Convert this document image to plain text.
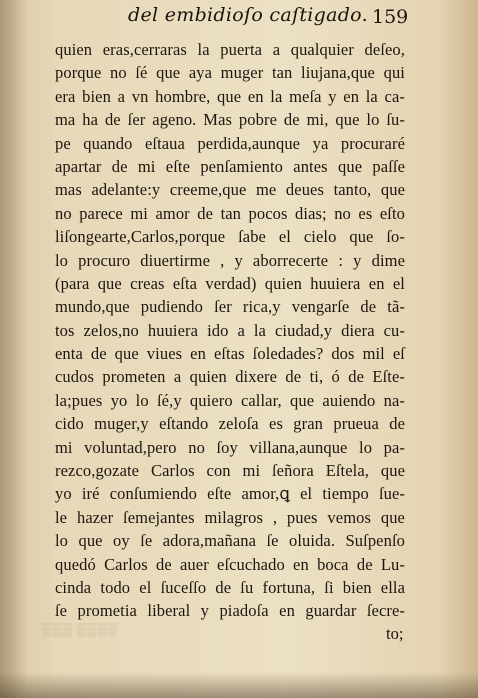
del embidioſo caſtigado. 159
quien eras,cerraras la puerta a qualquier deſeo,
porque no ſé que aya muger tan liujana,que qui
era bien a vn hombre, que en la meſa y en la ca-
ma ha de ſer ageno. Mas pobre de mi, que lo ſu-
pe quando eſtaua perdida,aunque ya procuraré
apartar de mi eſte penſamiento antes que paſſe
mas adelante:y creeme,que me deues tanto, que
no parece mi amor de tan pocos dias; no es eſto
liſongearte,Carlos,porque ſabe el cielo que ſo-
lo procuro diuertirme , y aborrecerte : y dime
(para que creas eſta verdad) quien huuiera en el
mundo,que pudiendo ſer rica,y vengarſe de tã-
tos zelos,no huuiera ido a la ciudad,y diera cu-
enta de que viues en eſtas ſoledades? dos mil eſ
cudos prometen a quien dixere de ti, ó de Eſte-
la;pues yo lo ſé,y quiero callar, que auiendo na-
cido muger,y eſtando zeloſa es gran prueua de
mi voluntad,pero no ſoy villana,aunque lo pa-
rezco,gozate Carlos con mi ſeñora Eſtela, que
yo iré conſumiendo eſte amor,ꝗ el tiempo ſue-
le hazer ſemejantes milagros , pues vemos que
lo que oy ſe adora,mañana ſe oluida. Suſpenſo
quedó Carlos de auer eſcuchado en boca de Lu-
cinda todo el ſuceſſo de ſu fortuna, ſi bien ella
ſe prometia liberal y piadoſa en guardar ſecre-
▒▒▒ ▒▒▒▒	to;
